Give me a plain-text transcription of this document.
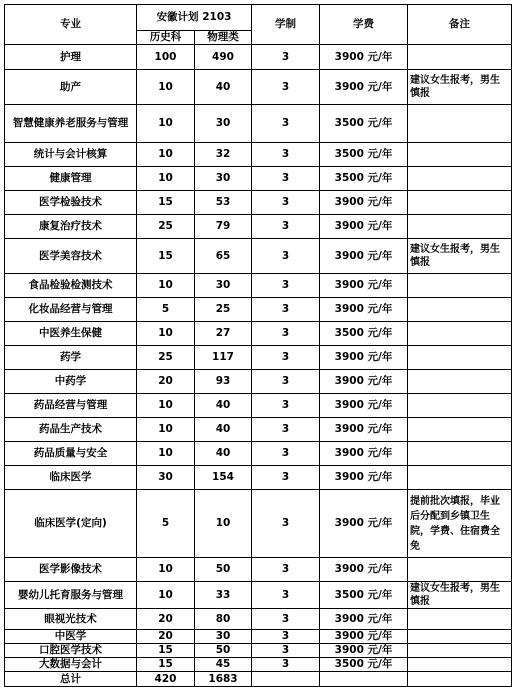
专业	安徽计划 2103		学制	学费	备注
	历史科	物理类			
护理	100	490	3	3900 元/年	
助产	10	40	3	3900 元/年	建议女生报考，男生慎报
智慧健康养老服务与管理	10	30	3	3500 元/年	
统计与会计核算	10	32	3	3500 元/年	
健康管理	10	30	3	3500 元/年	
医学检验技术	15	53	3	3900 元/年	
康复治疗技术	25	79	3	3900 元/年	
医学美容技术	15	65	3	3900 元/年	建议女生报考，男生慎报
食品检验检测技术	10	30	3	3900 元/年	
化妆品经营与管理	5	25	3	3900 元/年	
中医养生保健	10	27	3	3500 元/年	
药学	25	117	3	3900 元/年	
中药学	20	93	3	3900 元/年	
药品经营与管理	10	40	3	3900 元/年	
药品生产技术	10	40	3	3900 元/年	
药品质量与安全	10	40	3	3900 元/年	
临床医学	30	154	3	3900 元/年	
临床医学(定向)	5	10	3	3900 元/年	提前批次填报，毕业后分配到乡镇卫生院，学费、住宿费全免
医学影像技术	10	50	3	3900 元/年	
婴幼儿托育服务与管理	10	33	3	3500 元/年	建议女生报考，男生慎报
眼视光技术	20	80	3	3900 元/年	
中医学	20	30	3	3900 元/年	
口腔医学技术	15	50	3	3900 元/年	
大数据与会计	15	45	3	3500 元/年	
总计	420	1683			
